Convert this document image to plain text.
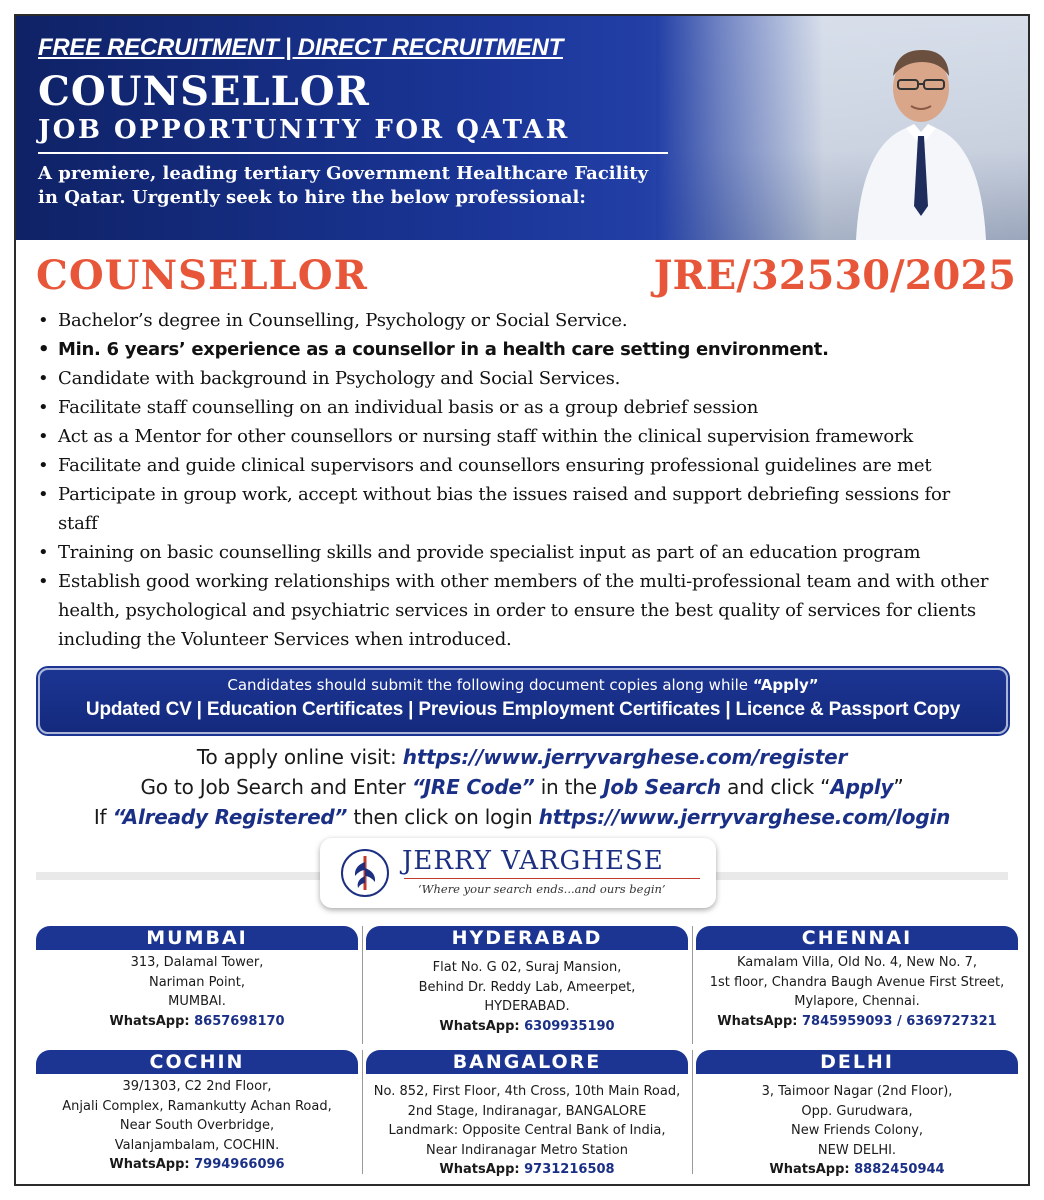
FREE RECRUITMENT | DIRECT RECRUITMENT
COUNSELLOR
JOB OPPORTUNITY FOR QATAR
A premiere, leading tertiary Government Healthcare Facility
in Qatar. Urgently seek to hire the below professional:
COUNSELLOR	JRE/32530/2025
• Bachelor’s degree in Counselling, Psychology or Social Service.
• Min. 6 years’ experience as a counsellor in a health care setting environment.
• Candidate with background in Psychology and Social Services.
• Facilitate staff counselling on an individual basis or as a group debrief session
• Act as a Mentor for other counsellors or nursing staff within the clinical supervision framework
• Facilitate and guide clinical supervisors and counsellors ensuring professional guidelines are met
• Participate in group work, accept without bias the issues raised and support debriefing sessions for staff
• Training on basic counselling skills and provide specialist input as part of an education program
• Establish good working relationships with other members of the multi-professional team and with other health, psychological and psychiatric services in order to ensure the best quality of services for clients including the Volunteer Services when introduced.
Candidates should submit the following document copies along while “Apply”
Updated CV | Education Certificates | Previous Employment Certificates | Licence & Passport Copy

To apply online visit: https://www.jerryvarghese.com/register

Go to Job Search and Enter “JRE Code” in the Job Search and click “Apply”

If “Already Registered” then click on login https://www.jerryvarghese.com/login

JERRY VARGHESE
‘Where your search ends...and ours begin’
MUMBAI
313, Dalamal Tower,
Nariman Point,
MUMBAI.
WhatsApp: 8657698170
HYDERABAD
Flat No. G 02, Suraj Mansion,
Behind Dr. Reddy Lab, Ameerpet,
HYDERABAD.
WhatsApp: 6309935190
CHENNAI
Kamalam Villa, Old No. 4, New No. 7,
1st floor, Chandra Baugh Avenue First Street,
Mylapore, Chennai.
WhatsApp: 7845959093 / 6369727321
COCHIN
39/1303, C2 2nd Floor,
Anjali Complex, Ramankutty Achan Road,
Near South Overbridge,
Valanjambalam, COCHIN.
WhatsApp: 7994966096
BANGALORE
No. 852, First Floor, 4th Cross, 10th Main Road,
2nd Stage, Indiranagar, BANGALORE
Landmark: Opposite Central Bank of India,
Near Indiranagar Metro Station
WhatsApp: 9731216508
DELHI
3, Taimoor Nagar (2nd Floor),
Opp. Gurudwara,
New Friends Colony,
NEW DELHI.
WhatsApp: 8882450944
